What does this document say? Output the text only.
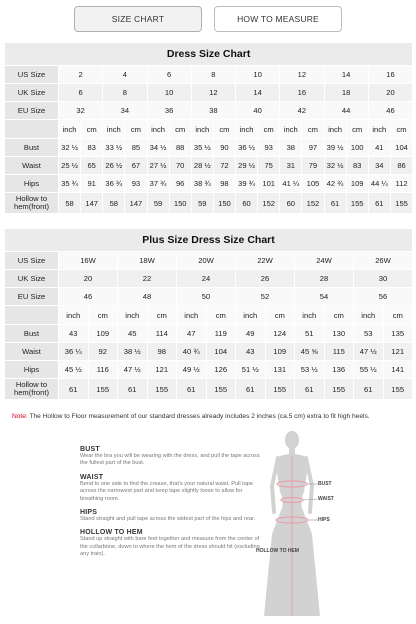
SIZE CHART	HOW TO MEASURE
Dress Size Chart																
US Size	2		4		6		8		10		12		14		16	
UK Size	6		8		10		12		14		16		18		20	
EU Size	32		34		36		38		40		42		44		46	
	inch	cm	inch	cm	inch	cm	inch	cm	inch	cm	inch	cm	inch	cm	inch	cm
Bust	32 ½	83	33 ½	85	34 ½	88	35 ½	90	36 ½	93	38	97	39 ½	100	41	104
Waist	25 ½	65	26 ½	67	27 ½	70	28 ½	72	29 ½	75	31	79	32 ½	83	34	86
Hips	35 ¾	91	36 ¾	93	37 ¾	96	38 ¾	98	39 ¾	101	41 ¼	105	42 ¾	109	44 ¼	112
Hollow to hem(front)	58	147	58	147	59	150	59	150	60	152	60	152	61	155	61	155
Plus Size Dress Size Chart												
US Size	16W		18W		20W		22W		24W		26W	
UK Size	20		22		24		26		28		30	
EU Size	46		48		50		52		54		56	
	inch	cm	inch	cm	inch	cm	inch	cm	inch	cm	inch	cm
Bust	43	109	45	114	47	119	49	124	51	130	53	135
Waist	36 ¼	92	38 ½	98	40 ¾	104	43	109	45 ⅝	115	47 ½	121
Hips	45 ½	116	47 ½	121	49 ½	126	51 ½	131	53 ½	136	55 ½	141
Hollow to hem(front)	61	155	61	155	61	155	61	155	61	155	61	155
Note: The Hollow to Floor measurement of our standard dresses already includes 2 inches (ca.5 cm) extra to fit high heels.
BUST
Wear the bra you will be wearing with the dress, and pull the tape across the fullest part of the bust.
WAIST
Bend to one side to find the crease, that's your natural waist. Pull tape across the narrowest part and keep tape slightly loose to allow for breathing room.
HIPS
Stand straight and pull tape across the widest part of the hips and rear.
HOLLOW TO HEM
Stand up straight with bare feet together and measure from the center of the collarbone, down to where the hem of the dress should hit (excluding any train).
BUST
WAIST
HIPS
HOLLOW TO HEM
